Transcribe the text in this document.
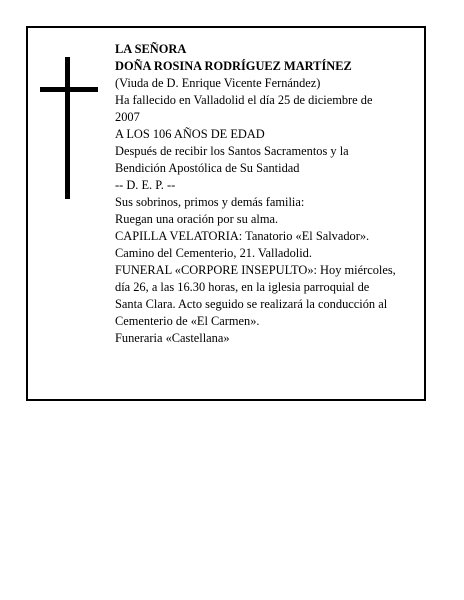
LA SEÑORA
DOÑA ROSINA RODRÍGUEZ MARTÍNEZ
(Viuda de D. Enrique Vicente Fernández)
Ha fallecido en Valladolid el día 25 de diciembre de
2007
A LOS 106 AÑOS DE EDAD
Después de recibir los Santos Sacramentos y la
Bendición Apostólica de Su Santidad
-- D. E. P. --
Sus sobrinos, primos y demás familia:
Ruegan una oración por su alma.
CAPILLA VELATORIA: Tanatorio «El Salvador».
Camino del Cementerio, 21. Valladolid.
FUNERAL «CORPORE INSEPULTO»: Hoy miércoles,
día 26, a las 16.30 horas, en la iglesia parroquial de
Santa Clara. Acto seguido se realizará la conducción al
Cementerio de «El Carmen».
Funeraria «Castellana»
